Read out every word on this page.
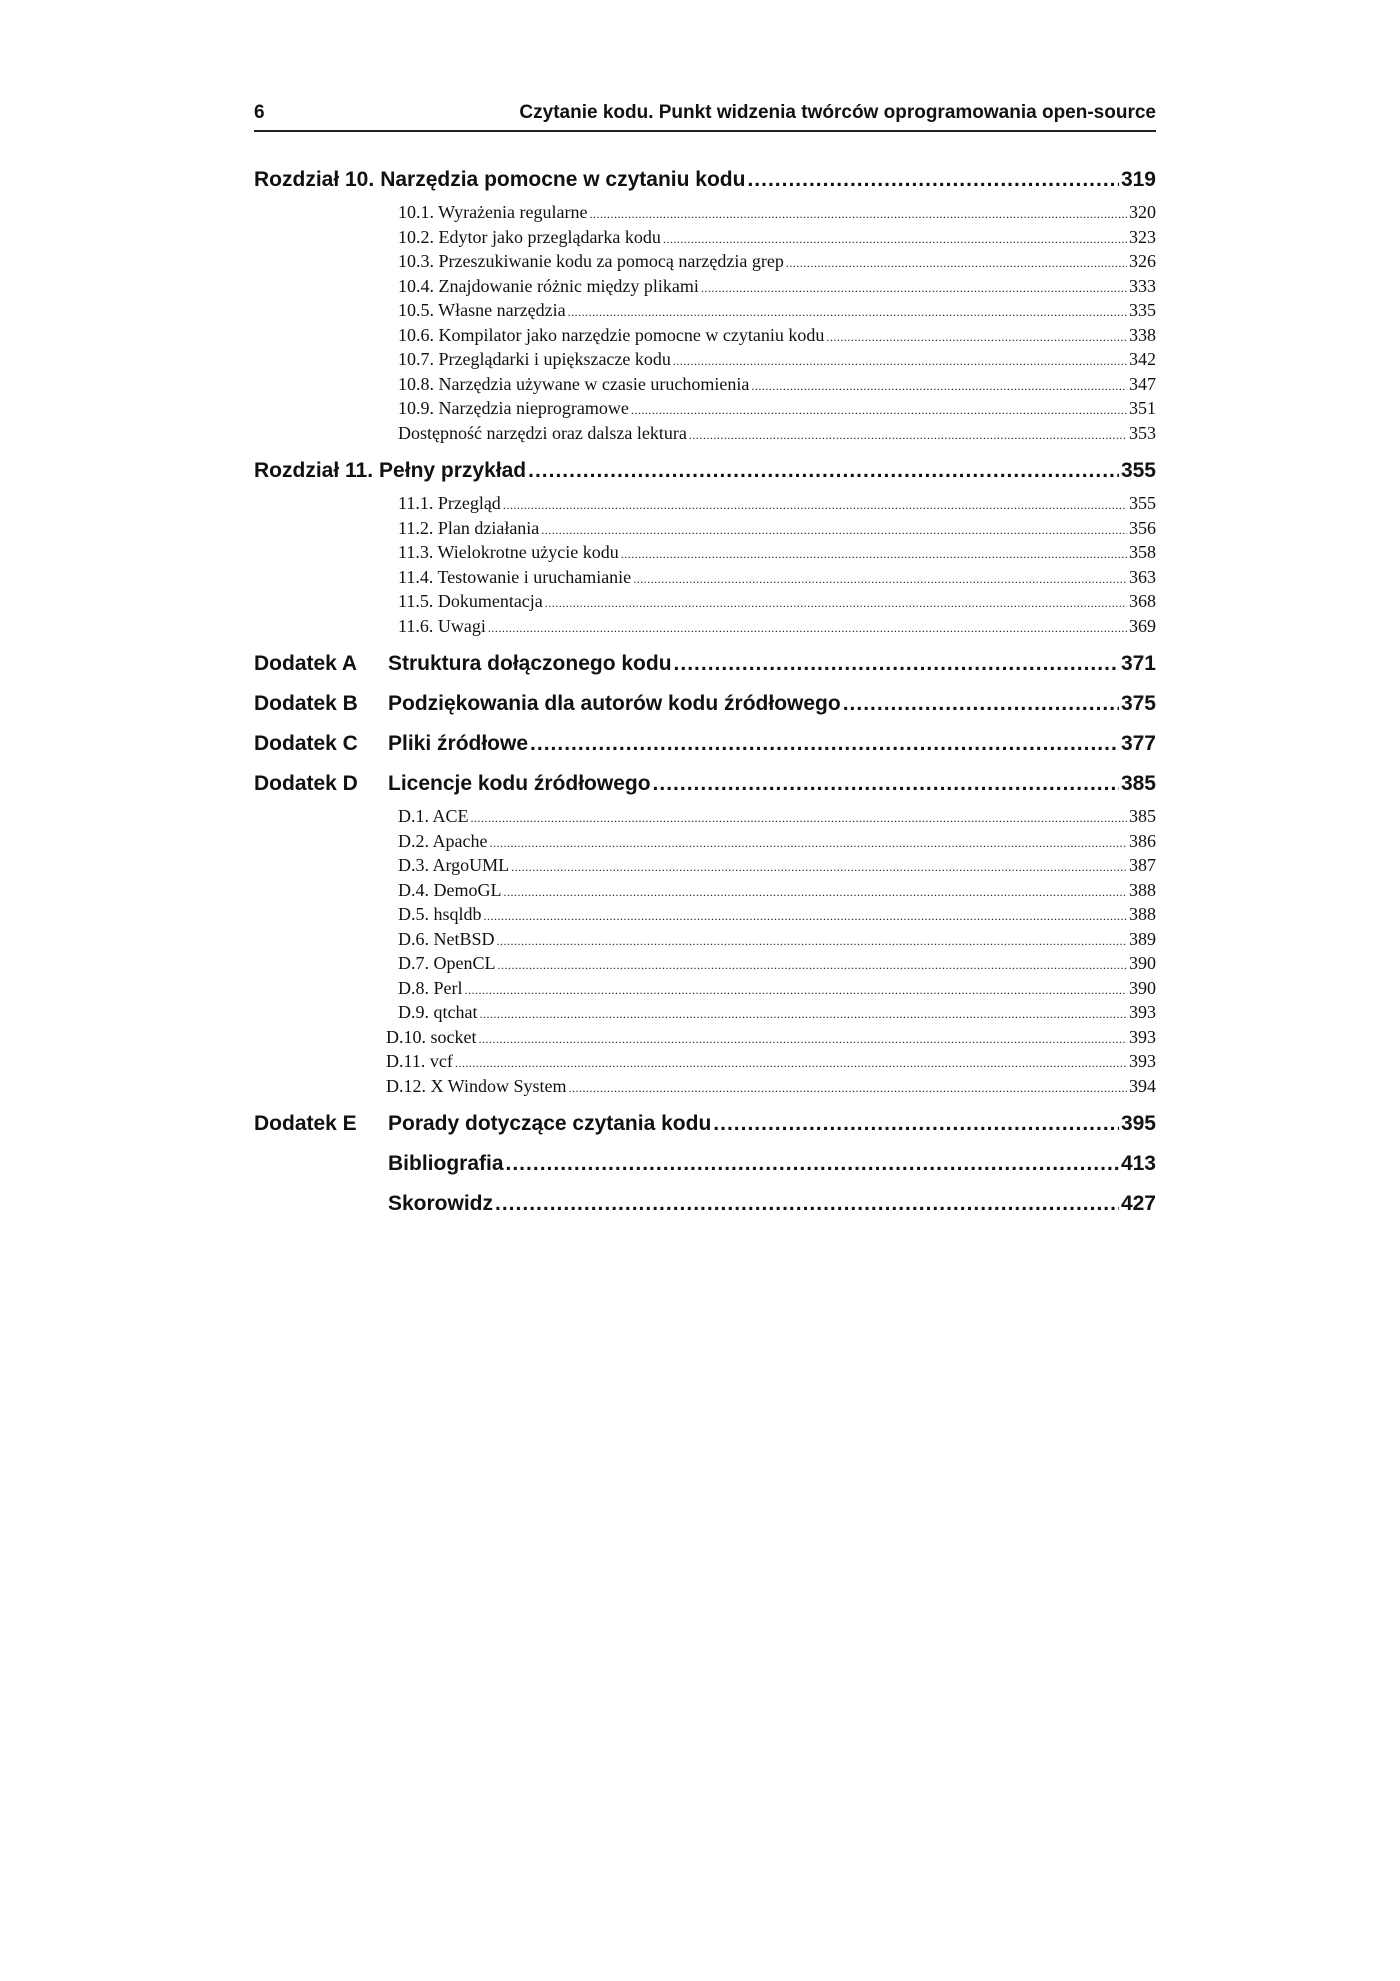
6	Czytanie kodu. Punkt widzenia twórców oprogramowania open-source
Rozdział 10. Narzędzia pomocne w czytaniu kodu .....	319
10.1. Wyrażenia regularne .....	320
10.2. Edytor jako przeglądarka kodu .....	323
10.3. Przeszukiwanie kodu za pomocą narzędzia grep .....	326
10.4. Znajdowanie różnic między plikami .....	333
10.5. Własne narzędzia .....	335
10.6. Kompilator jako narzędzie pomocne w czytaniu kodu .....	338
10.7. Przeglądarki i upiększacze kodu .....	342
10.8. Narzędzia używane w czasie uruchomienia .....	347
10.9. Narzędzia nieprogramowe .....	351
Dostępność narzędzi oraz dalsza lektura .....	353
Rozdział 11. Pełny przykład .....	355
11.1. Przegląd .....	355
11.2. Plan działania .....	356
11.3. Wielokrotne użycie kodu .....	358
11.4. Testowanie i uruchamianie .....	363
11.5. Dokumentacja .....	368
11.6. Uwagi .....	369
Dodatek A	Struktura dołączonego kodu .....	371
Dodatek B	Podziękowania dla autorów kodu źródłowego .....	375
Dodatek C	Pliki źródłowe .....	377
Dodatek D	Licencje kodu źródłowego .....	385
D.1. ACE .....	385
D.2. Apache .....	386
D.3. ArgoUML .....	387
D.4. DemoGL .....	388
D.5. hsqldb .....	388
D.6. NetBSD .....	389
D.7. OpenCL .....	390
D.8. Perl .....	390
D.9. qtchat .....	393
D.10. socket .....	393
D.11. vcf .....	393
D.12. X Window System .....	394
Dodatek E	Porady dotyczące czytania kodu .....	395
Bibliografia .....	413
Skorowidz .....	427
